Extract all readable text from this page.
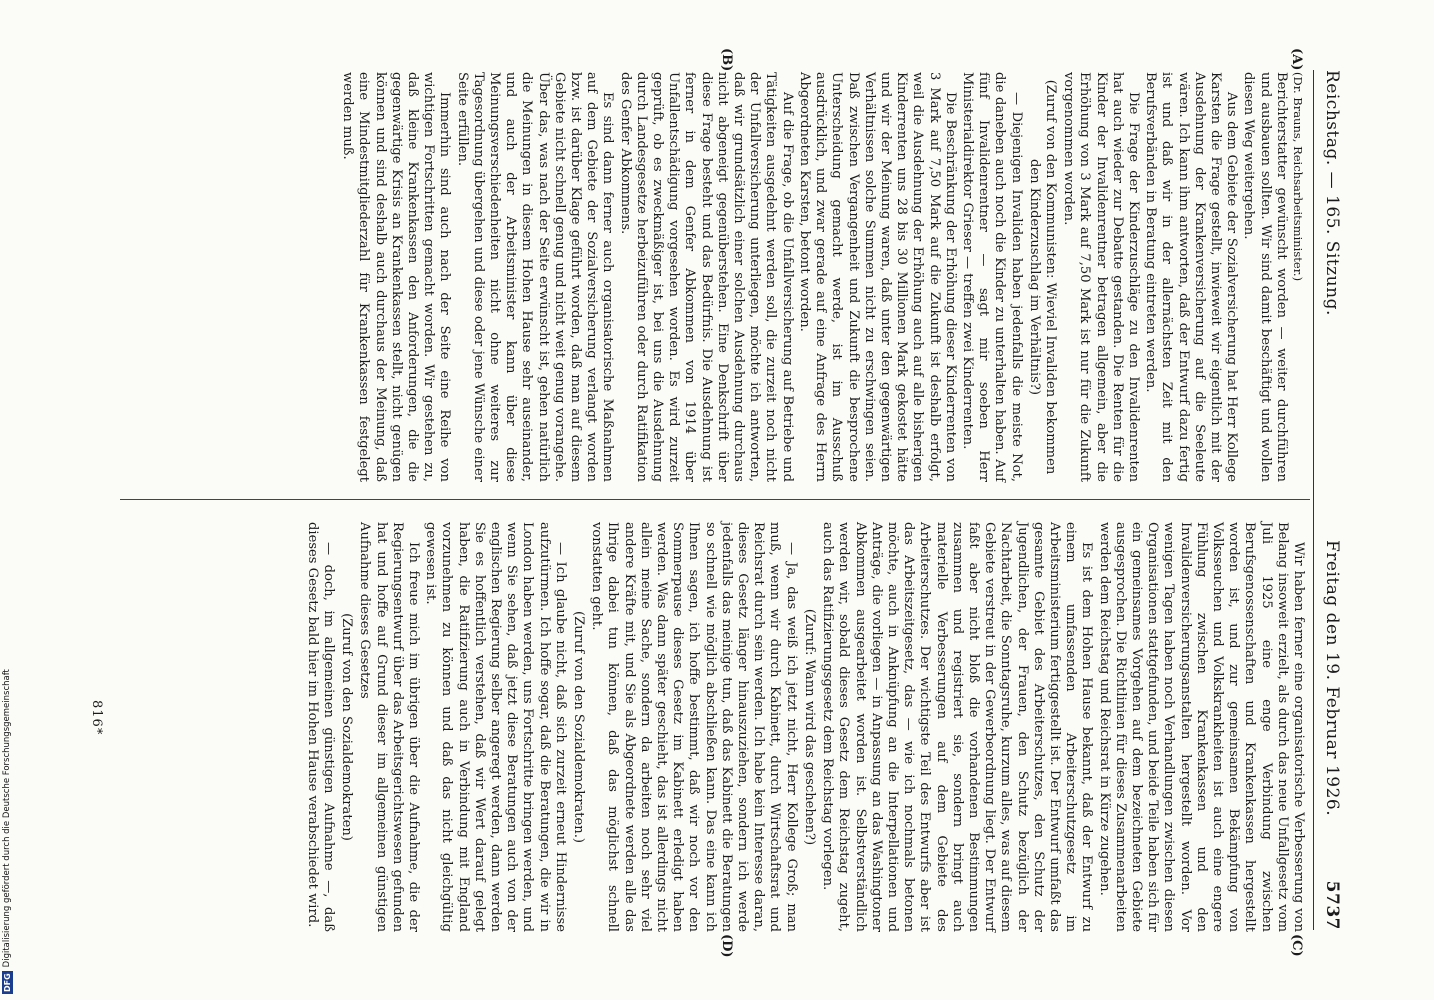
Reichstag. — 165. Sitzung.
Freitag den 19. Februar 1926.
5737
(A)
(B)
(C)
(D)

(Dr. Brauns, Reichsarbeitsminister.)

Berichterstatter gewünscht worden — weiter durchführen und ausbauen sollten. Wir sind damit beschäftigt und wollen diesen Weg weitergehen.

Aus dem Gebiete der Sozialversicherung hat Herr Kollege Karsten die Frage gestellt, inwieweit wir eigentlich mit der Ausdehnung der Krankenversicherung auf die Seeleute wären. Ich kann ihm antworten, daß der Entwurf dazu fertig ist und daß wir in der allernächsten Zeit mit den Berufsverbänden in Beratung eintreten werden.

Die Frage der Kinderzuschläge zu den Invalidenrenten hat auch wieder zur Debatte gestanden. Die Renten für die Kinder der Invalidenrentner betragen allgemein, aber die Erhöhung von 3 Mark auf 7,50 Mark ist nur für die Zukunft vorgenommen worden.

(Zuruf von den Kommunisten: Wieviel Invaliden bekommen den Kinderzuschlag im Verhältnis?)

— Diejenigen Invaliden haben jedenfalls die meiste Not, die daneben auch noch die Kinder zu unterhalten haben. Auf fünf Invalidenrentner — sagt mir soeben Herr Ministerialdirektor Grieser — treffen zwei Kinderrenten.

Die Beschränkung der Erhöhung dieser Kinderrenten von 3 Mark auf 7,50 Mark auf die Zukunft ist deshalb erfolgt, weil die Ausdehnung der Erhöhung auch auf alle bisherigen Kinderrenten uns 28 bis 30 Millionen Mark gekostet hätte und wir der Meinung waren, daß unter den gegenwärtigen Verhältnissen solche Summen nicht zu erschwingen seien. Daß zwischen Vergangenheit und Zukunft die besprochene Unterscheidung gemacht werde, ist im Ausschuß ausdrücklich, und zwar gerade auf eine Anfrage des Herrn Abgeordneten Karsten, betont worden.

Auf die Frage, ob die Unfallversicherung auf Betriebe und Tätigkeiten ausgedehnt werden soll, die zurzeit noch nicht der Unfallversicherung unterliegen, möchte ich antworten, daß wir grundsätzlich einer solchen Ausdehnung durchaus nicht abgeneigt gegenüberstehen. Eine Denkschrift über diese Frage besteht und das Bedürfnis. Die Ausdehnung ist ferner in dem Genfer Abkommen von 1914 über Unfallentschädigung vorgesehen worden. Es wird zurzeit geprüft, ob es zweckmäßiger ist, bei uns die Ausdehnung durch Landesgesetze herbeizuführen oder durch Ratifikation des Genfer Abkommens.

Es sind dann ferner auch organisatorische Maßnahmen auf dem Gebiete der Sozialversicherung verlangt worden bzw. ist darüber Klage geführt worden, daß man auf diesem Gebiete nicht schnell genug und nicht weit genug vorangehe. Über das, was nach der Seite erwünscht ist, gehen natürlich die Meinungen in diesem Hohen Hause sehr auseinander, und auch der Arbeitsminister kann über diese Meinungsverschiedenheiten nicht ohne weiteres zur Tagesordnung übergehen und diese oder jene Wünsche einer Seite erfüllen.

Immerhin sind auch nach der Seite eine Reihe von wichtigen Fortschritten gemacht worden. Wir gestehen zu, daß kleine Krankenkassen den Anforderungen, die die gegenwärtige Krisis an Krankenkassen stellt, nicht genügen können und sind deshalb auch durchaus der Meinung, daß eine Mindestmitgliederzahl für Krankenkassen festgelegt werden muß.

Wir haben ferner eine organisatorische Verbesserung von Belang insoweit erzielt, als durch das neue Unfallgesetz vom Juli 1925 eine enge Verbindung zwischen Berufsgenossenschaften und Krankenkassen hergestellt worden ist, und zur gemeinsamen Bekämpfung von Volksseuchen und Volkskrankheiten ist auch eine engere Fühlung zwischen Krankenkassen und den Invalidenversicherungsanstalten hergestellt worden. Vor wenigen Tagen haben noch Verhandlungen zwischen diesen Organisationen stattgefunden, und beide Teile haben sich für ein gemeinsames Vorgehen auf dem bezeichneten Gebiete ausgesprochen. Die Richtlinien für dieses Zusammenarbeiten werden dem Reichstag und Reichsrat in Kürze zugehen.

Es ist dem Hohen Hause bekannt, daß der Entwurf zu einem umfassenden Arbeiterschutzgesetz im Arbeitsministerium fertiggestellt ist. Der Entwurf umfaßt das gesamte Gebiet des Arbeiterschutzes, den Schutz der Jugendlichen, der Frauen, den Schutz bezüglich der Nachtarbeit, die Sonntagsruhe, kurzum alles, was auf diesem Gebiete verstreut in der Gewerbeordnung liegt. Der Entwurf faßt aber nicht bloß die vorhandenen Bestimmungen zusammen und registriert sie, sondern bringt auch materielle Verbesserungen auf dem Gebiete des Arbeiterschutzes. Der wichtigste Teil des Entwurfs aber ist das Arbeitszeitgesetz, das — wie ich nochmals betonen möchte, auch in Anknüpfung an die Interpellationen und Anträge, die vorliegen — in Anpassung an das Washingtoner Abkommen ausgearbeitet worden ist. Selbstverständlich werden wir, sobald dieses Gesetz dem Reichstag zugeht, auch das Ratifizierungsgesetz dem Reichstag vorlegen.

(Zuruf: Wann wird das geschehen?)

— Ja, das weiß ich jetzt nicht, Herr Kollege Groß; man muß, wenn wir durch Kabinett, durch Wirtschaftsrat und Reichsrat durch sein werden. Ich habe kein Interesse daran, dieses Gesetz länger hinauszuziehen, sondern ich werde jedenfalls das meinige tun, daß das Kabinett die Beratungen so schnell wie möglich abschließen kann. Das eine kann ich Ihnen sagen, ich hoffe bestimmt, daß wir noch vor den Sommerpause dieses Gesetz im Kabinett erledigt haben werden. Was dann später geschieht, das ist allerdings nicht allein meine Sache, sondern da arbeiten noch sehr viel andere Kräfte mit, und Sie als Abgeordnete werden alle das Ihrige dabei tun können, daß das möglichst schnell vonstatten geht.

(Zuruf von den Sozialdemokraten.)

— Ich glaube nicht, daß sich zurzeit erneut Hindernisse aufzutürmen. Ich hoffe sogar, daß die Beratungen, die wir in London haben werden, uns Fortschritte bringen werden, und wenn Sie sehen, daß jetzt diese Beratungen auch von der englischen Regierung selber angeregt werden, dann werden Sie es hoffentlich verstehen, daß wir Wert darauf gelegt haben, die Ratifizierung auch in Verbindung mit England vorzunehmen zu können und daß das nicht gleichgültig gewesen ist.

Ich freue mich im übrigen über die Aufnahme, die der Regierungsentwurf über das Arbeitsgerichtswesen gefunden hat und hoffe auf Grund dieser im allgemeinen günstigen Aufnahme dieses Gesetzes

(Zuruf von den Sozialdemokraten)

— doch, im allgemeinen günstigen Aufnahme —, daß dieses Gesetz bald hier im Hohen Hause verabschiedet wird.

816*
DFG
Digitalisierung gefördert durch die Deutsche Forschungsgemeinschaft
